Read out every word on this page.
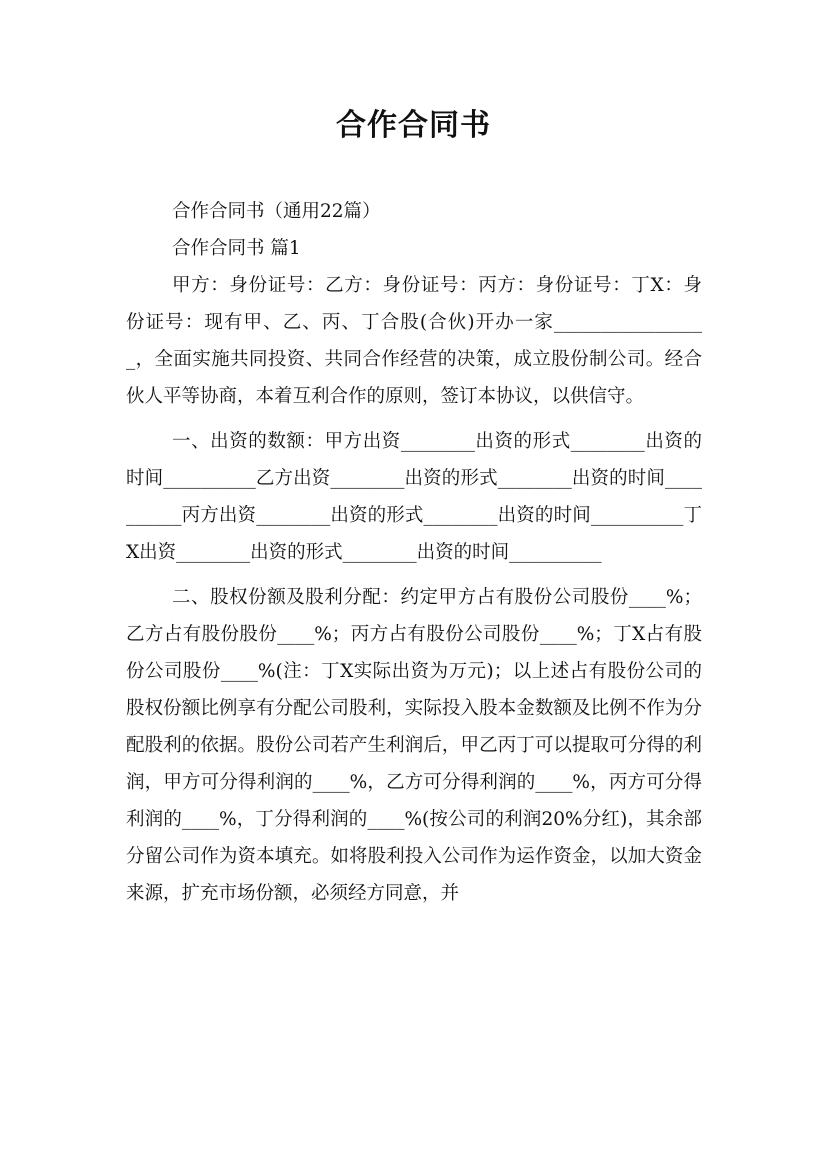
合作合同书

合作合同书（通用22篇）

合作合同书 篇1

甲方：身份证号：乙方：身份证号：丙方：身份证号：丁X：身份证号：现有甲、乙、丙、丁合股(合伙)开办一家_________________，全面实施共同投资、共同合作经营的决策，成立股份制公司。经合伙人平等协商，本着互利合作的原则，签订本协议，以供信守。

一、出资的数额：甲方出资________出资的形式________出资的时间__________乙方出资________出资的形式________出资的时间__________丙方出资________出资的形式________出资的时间__________丁X出资________出资的形式________出资的时间__________

二、股权份额及股利分配：约定甲方占有股份公司股份____%；乙方占有股份股份____%；丙方占有股份公司股份____%；丁X占有股份公司股份____%(注：丁X实际出资为万元)；以上述占有股份公司的股权份额比例享有分配公司股利，实际投入股本金数额及比例不作为分配股利的依据。股份公司若产生利润后，甲乙丙丁可以提取可分得的利润，甲方可分得利润的____%，乙方可分得利润的____%，丙方可分得利润的____%，丁分得利润的____%(按公司的利润20%分红)，其余部分留公司作为资本填充。如将股利投入公司作为运作资金，以加大资金来源，扩充市场份额，必须经方同意，并
